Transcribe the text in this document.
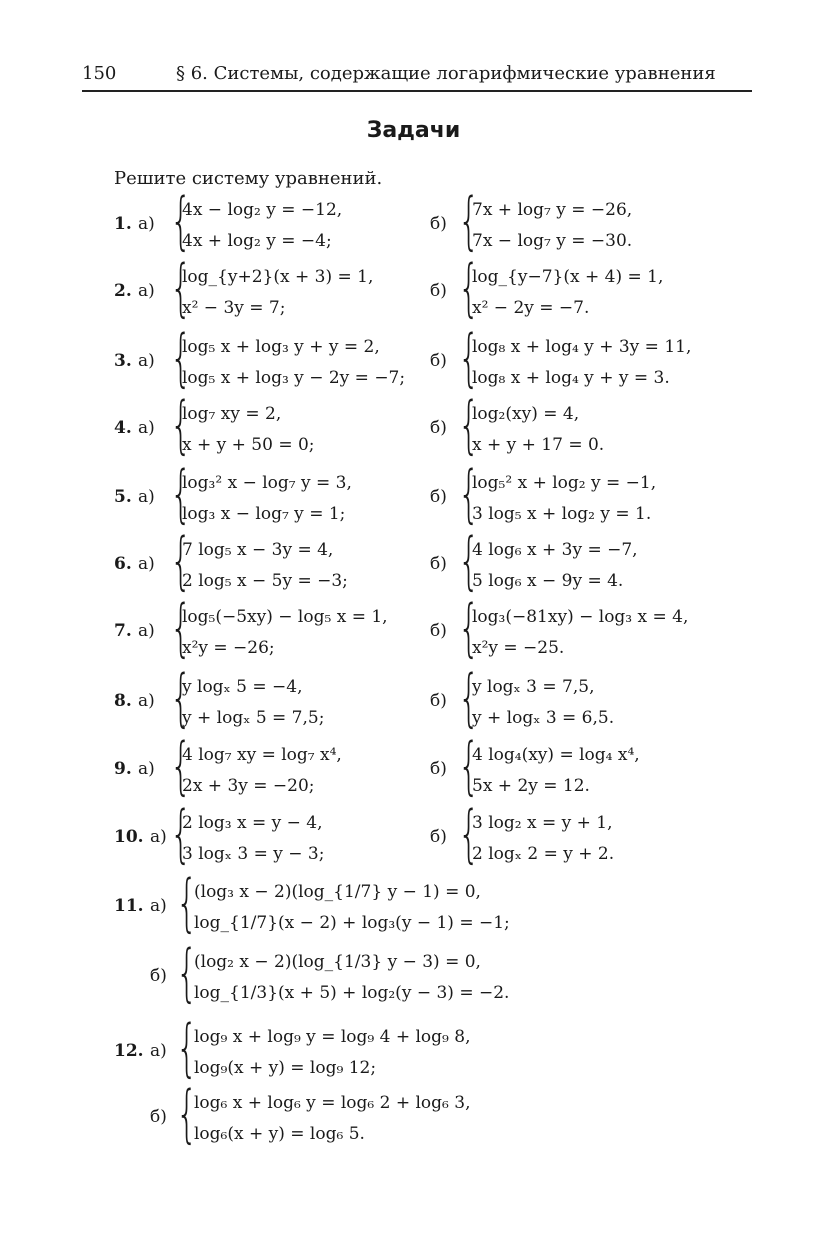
150	§ 6. Системы, содержащие логарифмические уравнения
Задачи
Решите систему уравнений.
1. а) {
4x − log₂ y = −12,
4x + log₂ y = −4;
б) {
7x + log₇ y = −26,
7x − log₇ y = −30.
2. а) {
log_{y+2}(x + 3) = 1,
x² − 3y = 7;
б) {
log_{y−7}(x + 4) = 1,
x² − 2y = −7.
3. а) {
log₅ x + log₃ y + y = 2,
log₅ x + log₃ y − 2y = −7;
б) {
log₈ x + log₄ y + 3y = 11,
log₈ x + log₄ y + y = 3.
4. а) {
log₇ xy = 2,
x + y + 50 = 0;
б) {
log₂(xy) = 4,
x + y + 17 = 0.
5. а) {
log₃² x − log₇ y = 3,
log₃ x − log₇ y = 1;
б) {
log₅² x + log₂ y = −1,
3 log₅ x + log₂ y = 1.
6. а) {
7 log₅ x − 3y = 4,
2 log₅ x − 5y = −3;
б) {
4 log₆ x + 3y = −7,
5 log₆ x − 9y = 4.
7. а) {
log₅(−5xy) − log₅ x = 1,
x²y = −26;
б) {
log₃(−81xy) − log₃ x = 4,
x²y = −25.
8. а) {
y logₓ 5 = −4,
y + logₓ 5 = 7,5;
б) {
y logₓ 3 = 7,5,
y + logₓ 3 = 6,5.
9. а) {
4 log₇ xy = log₇ x⁴,
2x + 3y = −20;
б) {
4 log₄(xy) = log₄ x⁴,
5x + 2y = 12.
10. а) {
2 log₃ x = y − 4,
3 logₓ 3 = y − 3;
б) {
3 log₂ x = y + 1,
2 logₓ 2 = y + 2.
11. а) {
(log₃ x − 2)(log_{1/7} y − 1) = 0,
log_{1/7}(x − 2) + log₃(y − 1) = −1;
б) {
(log₂ x − 2)(log_{1/3} y − 3) = 0,
log_{1/3}(x + 5) + log₂(y − 3) = −2.
12. а) {
log₉ x + log₉ y = log₉ 4 + log₉ 8,
log₉(x + y) = log₉ 12;
б) {
log₆ x + log₆ y = log₆ 2 + log₆ 3,
log₆(x + y) = log₆ 5.
